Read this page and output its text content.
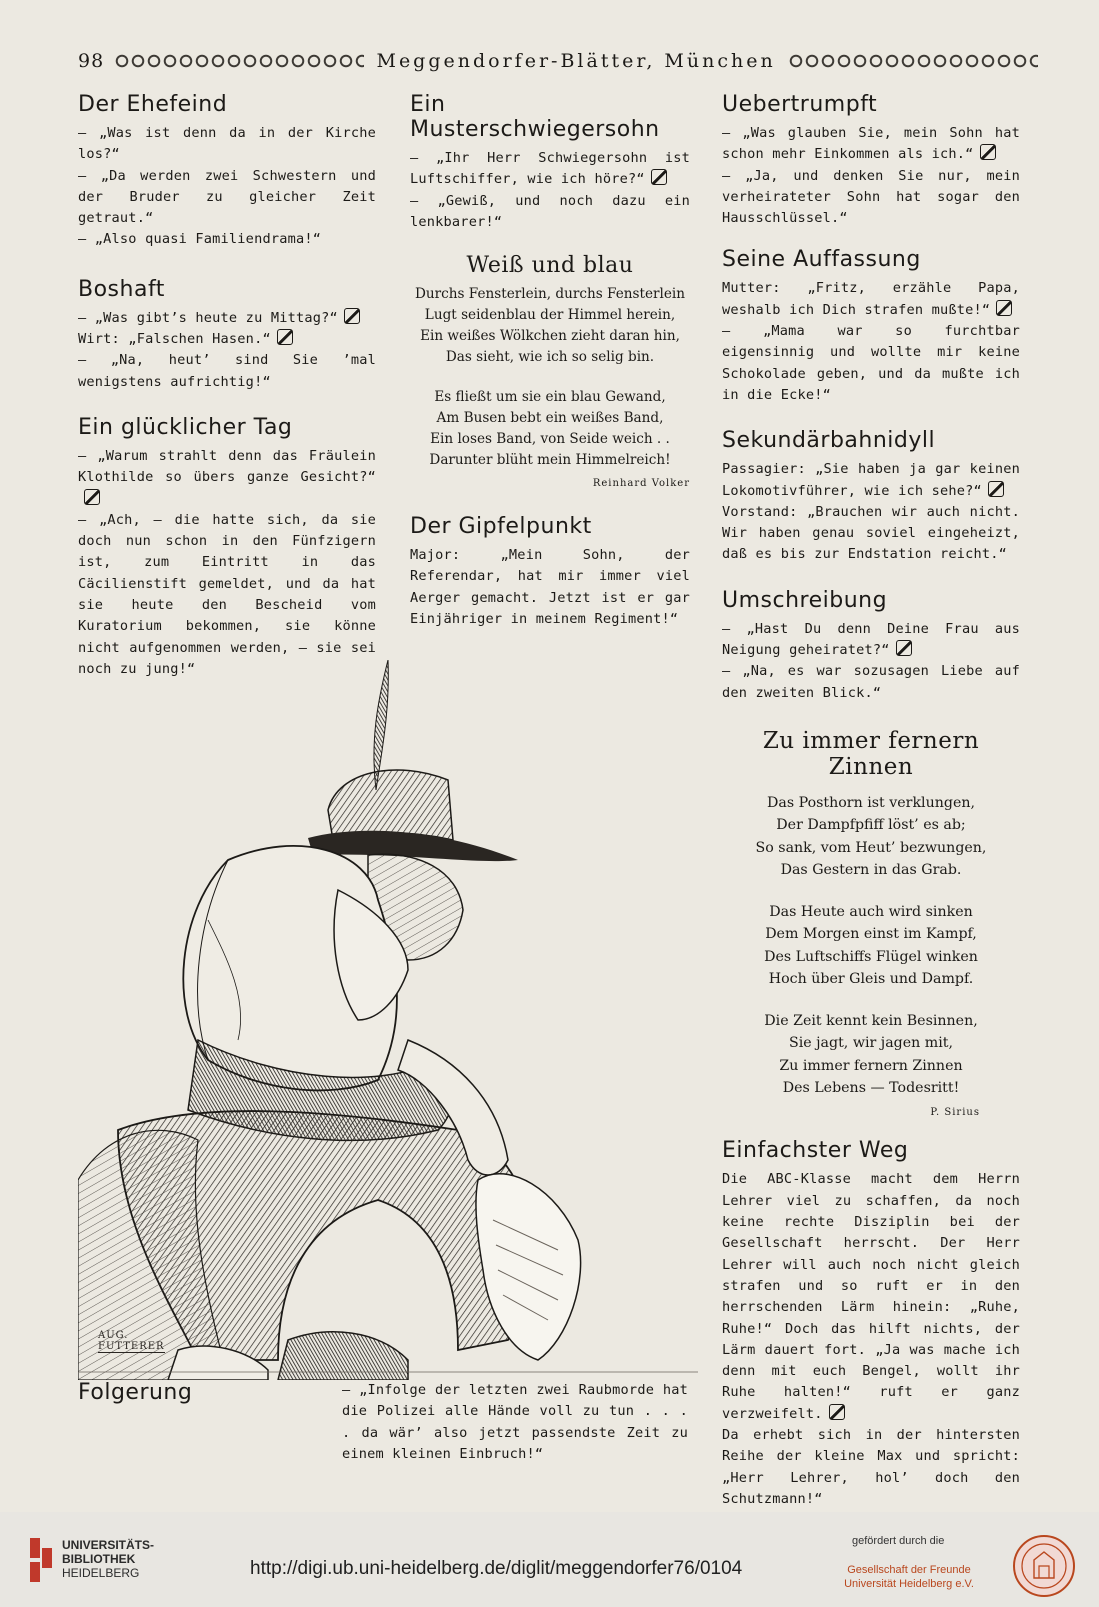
98	Meggendorfer-Blätter, München
Der Ehefeind

— „Was ist denn da in der Kirche los?“

— „Da werden zwei Schwestern und der Bruder zu gleicher Zeit getraut.“

— „Also quasi Familiendrama!“

Boshaft

— „Was gibt’s heute zu Mittag?“

Wirt: „Falschen Hasen.“

— „Na, heut’ sind Sie ’mal wenigstens aufrichtig!“

Ein glücklicher Tag

— „Warum strahlt denn das Fräulein Klothilde so übers ganze Gesicht?“

— „Ach, — die hatte sich, da sie doch nun schon in den Fünfzigern ist, zum Eintritt in das Cäcilienstift gemeldet, und da hat sie heute den Bescheid vom Kuratorium bekommen, sie könne nicht aufgenommen werden, — sie sei noch zu jung!“

Ein Musterschwiegersohn

— „Ihr Herr Schwiegersohn ist Luftschiffer, wie ich höre?“

— „Gewiß, und noch dazu ein lenkbarer!“

Weiß und blau

Durchs Fensterlein, durchs Fensterlein

Lugt seidenblau der Himmel herein,

Ein weißes Wölkchen zieht daran hin,

Das sieht, wie ich so selig bin.

Es fließt um sie ein blau Gewand,

Am Busen bebt ein weißes Band,

Ein loses Band, von Seide weich . .

Darunter blüht mein Himmelreich!

Reinhard Volker
Der Gipfelpunkt

Major: „Mein Sohn, der Referendar, hat mir immer viel Aerger gemacht. Jetzt ist er gar Einjähriger in meinem Regiment!“

Uebertrumpft

— „Was glauben Sie, mein Sohn hat schon mehr Einkommen als ich.“

— „Ja, und denken Sie nur, mein verheirateter Sohn hat sogar den Hausschlüssel.“

Seine Auffassung

Mutter: „Fritz, erzähle Papa, weshalb ich Dich strafen mußte!“

— „Mama war so furchtbar eigensinnig und wollte mir keine Schokolade geben, und da mußte ich in die Ecke!“

Sekundärbahnidyll

Passagier: „Sie haben ja gar keinen Lokomotivführer, wie ich sehe?“

Vorstand: „Brauchen wir auch nicht. Wir haben genau soviel eingeheizt, daß es bis zur Endstation reicht.“

Umschreibung

— „Hast Du denn Deine Frau aus Neigung geheiratet?“

— „Na, es war sozusagen Liebe auf den zweiten Blick.“

Zu immer fernern Zinnen

Das Posthorn ist verklungen,

Der Dampfpfiff löst’ es ab;

So sank, vom Heut’ bezwungen,

Das Gestern in das Grab.

Das Heute auch wird sinken

Dem Morgen einst im Kampf,

Des Luftschiffs Flügel winken

Hoch über Gleis und Dampf.

Die Zeit kennt kein Besinnen,

Sie jagt, wir jagen mit,

Zu immer fernern Zinnen

Des Lebens — Todesritt!

P. Sirius
Einfachster Weg

Die ABC-Klasse macht dem Herrn Lehrer viel zu schaffen, da noch keine rechte Disziplin bei der Gesellschaft herrscht. Der Herr Lehrer will auch noch nicht gleich strafen und so ruft er in den herrschenden Lärm hinein: „Ruhe, Ruhe!“ Doch das hilft nichts, der Lärm dauert fort. „Ja was mache ich denn mit euch Bengel, wollt ihr Ruhe halten!“ ruft er ganz verzweifelt.

Da erhebt sich in der hintersten Reihe der kleine Max und spricht: „Herr Lehrer, hol’ doch den Schutzmann!“

AUG.
FUTTERER
Folgerung	— „Infolge der letzten zwei Raubmorde hat die Polizei alle Hände voll zu tun . . . . da wär’ also jetzt passendste Zeit zu einem kleinen Einbruch!“

UNIVERSITÄTS-
BIBLIOTHEK
HEIDELBERG	http://digi.ub.uni-heidelberg.de/diglit/meggendorfer76/0104
gefördert durch die
Gesellschaft der Freunde
Universität Heidelberg e.V.
